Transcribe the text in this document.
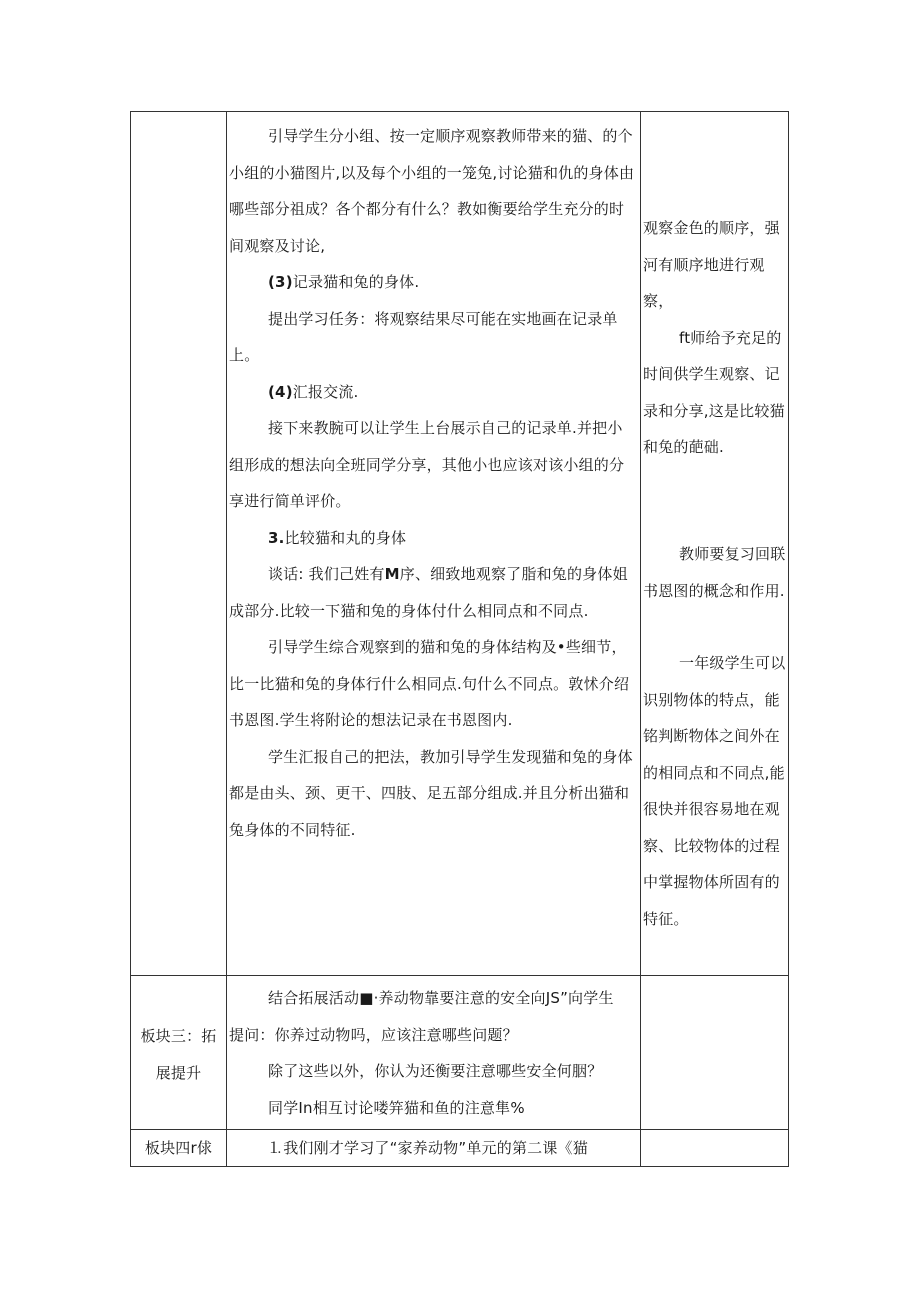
引导学生分小组、按一定顺序观察教师带来的猫、的个小组的小猫图片,以及每个小组的一笼兔,讨论猫和仇的身体由哪些部分祖成？各个都分有什么？教如衡要给学生充分的时间观察及讨论,

(3)记录猫和兔的身体.

提出学习任务：将观察结果尽可能在实地画在记录单上。

(4)汇报交流.

接下来教腕可以让学生上台展示自己的记录单.并把小组形成的想法向全班同学分享，其他小也应该对该小组的分享进行简单评价。

3.比较猫和丸的身体

谈话: 我们己姓有M序、细致地观察了脂和兔的身体姐成部分.比较一下猫和兔的身体付什么相同点和不同点.

引导学生综合观察到的猫和兔的身体结构及•些细节，比一比猫和兔的身体行什么相同点.句什么不同点。敦怵介绍书恩图.学生将附论的想法记录在书恩图内.

学生汇报自己的把法，教加引导学生发现猫和兔的身体都是由头、颈、更干、四肢、足五部分组成.并且分析出猫和兔身体的不同特征.

观察金色的顺序，强河有顺序地进行观察，

ft师给予充足的时间供学生观察、记录和分享,这是比较猫和兔的葩础.

教师要复习回联书恩图的概念和作用.

一年级学生可以识别物体的特点，能铭判断物体之间外在的相同点和不同点,能很快并很容易地在观察、比较物体的过程中掌握物体所固有的特征。

板块三：拓

展提升

结合拓展活动■·养动物靠要注意的安全向JS”向学生

提问：你养过动物吗，应该注意哪些问题？

除了这些以外，你认为还衡要注意哪些安全何胭？

同学In相互讨论喽笄猫和鱼的注意隼%

板块四r俅	⒈我们刚才学习了“家养动物”单元的第二课《猫
